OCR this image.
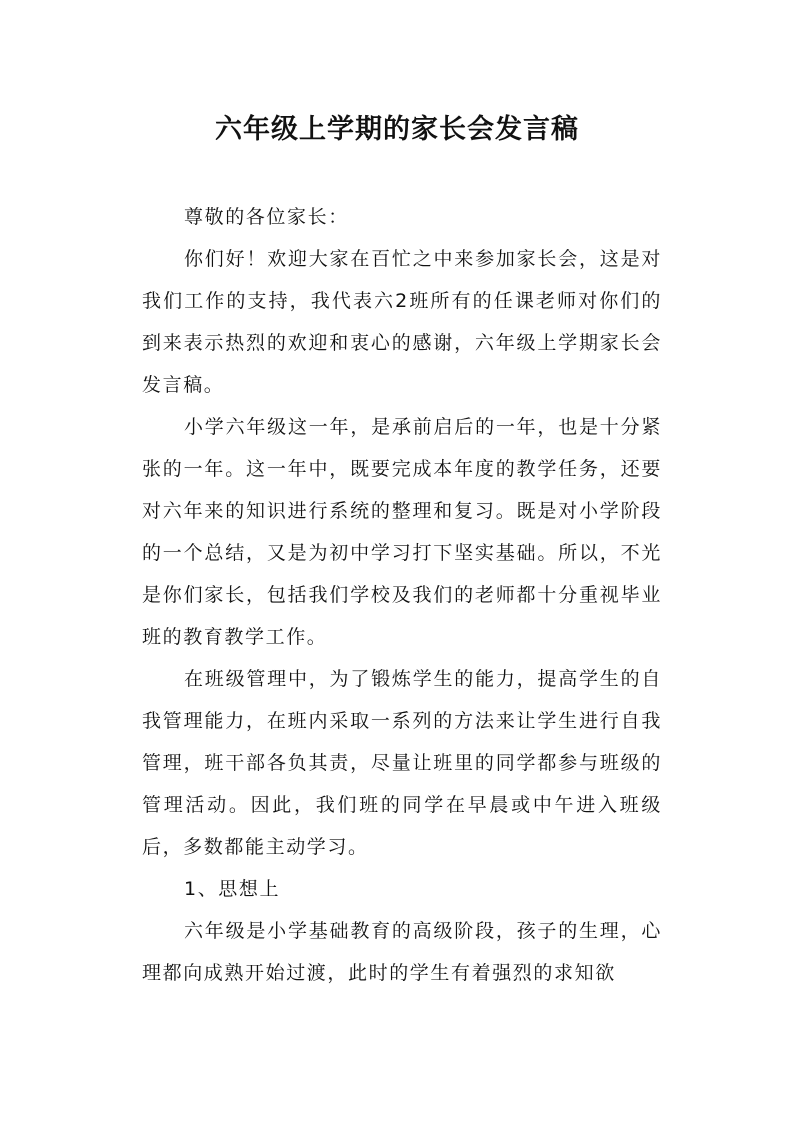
六年级上学期的家长会发言稿

尊敬的各位家长：

你们好！欢迎大家在百忙之中来参加家长会，这是对我们工作的支持，我代表六2班所有的任课老师对你们的到来表示热烈的欢迎和衷心的感谢，六年级上学期家长会发言稿。

小学六年级这一年，是承前启后的一年，也是十分紧张的一年。这一年中，既要完成本年度的教学任务，还要对六年来的知识进行系统的整理和复习。既是对小学阶段的一个总结，又是为初中学习打下坚实基础。所以，不光是你们家长，包括我们学校及我们的老师都十分重视毕业班的教育教学工作。

在班级管理中，为了锻炼学生的能力，提高学生的自我管理能力，在班内采取一系列的方法来让学生进行自我管理，班干部各负其责，尽量让班里的同学都参与班级的管理活动。因此，我们班的同学在早晨或中午进入班级后，多数都能主动学习。

1、思想上

六年级是小学基础教育的高级阶段，孩子的生理，心理都向成熟开始过渡，此时的学生有着强烈的求知欲
